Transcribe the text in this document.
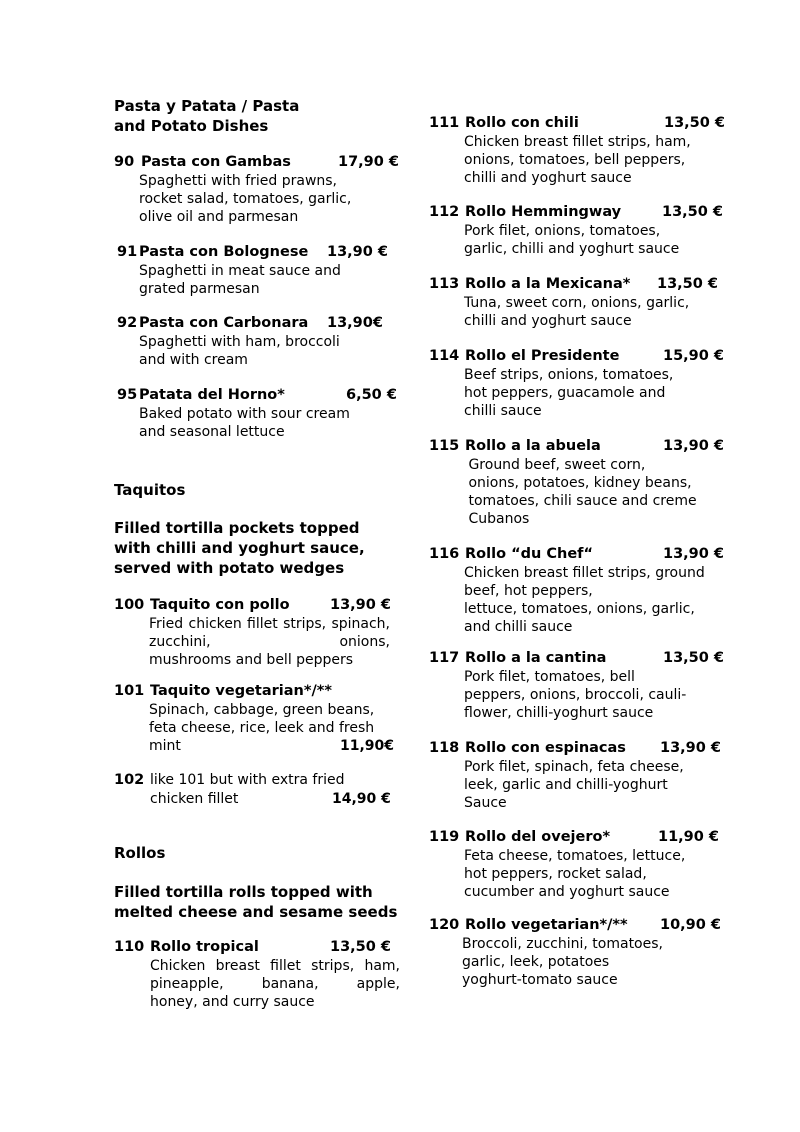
Pasta y Patata / Pasta
and Potato Dishes
90 Pasta con Gambas	17,90 €
Spaghetti with fried prawns,
rocket salad, tomatoes, garlic,
olive oil and parmesan
91 Pasta con Bolognese 13,90 €
Spaghetti in meat sauce and
grated parmesan
92 Pasta con Carbonara 13,90€
Spaghetti with ham, broccoli
and with cream
95 Patata del Horno*	6,50 €
Baked potato with sour cream
and seasonal lettuce
Taquitos
Filled tortilla pockets topped
with chilli and yoghurt sauce,
served with potato wedges
100 Taquito con pollo	13,90 €
Fried chicken fillet strips, spinach, zucchini, onions,
mushrooms and bell peppers
101 Taquito vegetarian*/**
Spinach, cabbage, green beans,
feta cheese, rice, leek and fresh
mint	11,90€
102 like 101 but with extra fried
chicken fillet	14,90 €
Rollos
Filled tortilla rolls topped with
melted cheese and sesame seeds
110 Rollo tropical	13,50 €
Chicken breast fillet strips, ham, pineapple, banana, apple,
honey, and curry sauce
111 Rollo con chili	13,50 €
Chicken breast fillet strips, ham,
onions, tomatoes, bell peppers,
chilli and yoghurt sauce
112 Rollo Hemmingway	13,50 €
Pork filet, onions, tomatoes,
garlic, chilli and yoghurt sauce
113 Rollo a la Mexicana* 13,50 €
Tuna, sweet corn, onions, garlic,
chilli and yoghurt sauce
114 Rollo el Presidente	15,90 €
Beef strips, onions, tomatoes,
hot peppers, guacamole and
chilli sauce
115 Rollo a la abuela	13,90 €
Ground beef, sweet corn,
onions, potatoes, kidney beans,
tomatoes, chili sauce and creme
Cubanos
116 Rollo “du Chef“	13,90 €
Chicken breast fillet strips, ground
beef, hot peppers,
lettuce, tomatoes, onions, garlic,
and chilli sauce
117 Rollo a la cantina	13,50 €
Pork filet, tomatoes, bell
peppers, onions, broccoli, cauli-
flower, chilli-yoghurt sauce
118 Rollo con espinacas 13,90 €
Pork filet, spinach, feta cheese,
leek, garlic and chilli-yoghurt
Sauce
119 Rollo del ovejero*	11,90 €
Feta cheese, tomatoes, lettuce,
hot peppers, rocket salad,
cucumber and yoghurt sauce
120 Rollo vegetarian*/** 10,90 €
Broccoli, zucchini, tomatoes,
garlic, leek, potatoes
yoghurt-tomato sauce
